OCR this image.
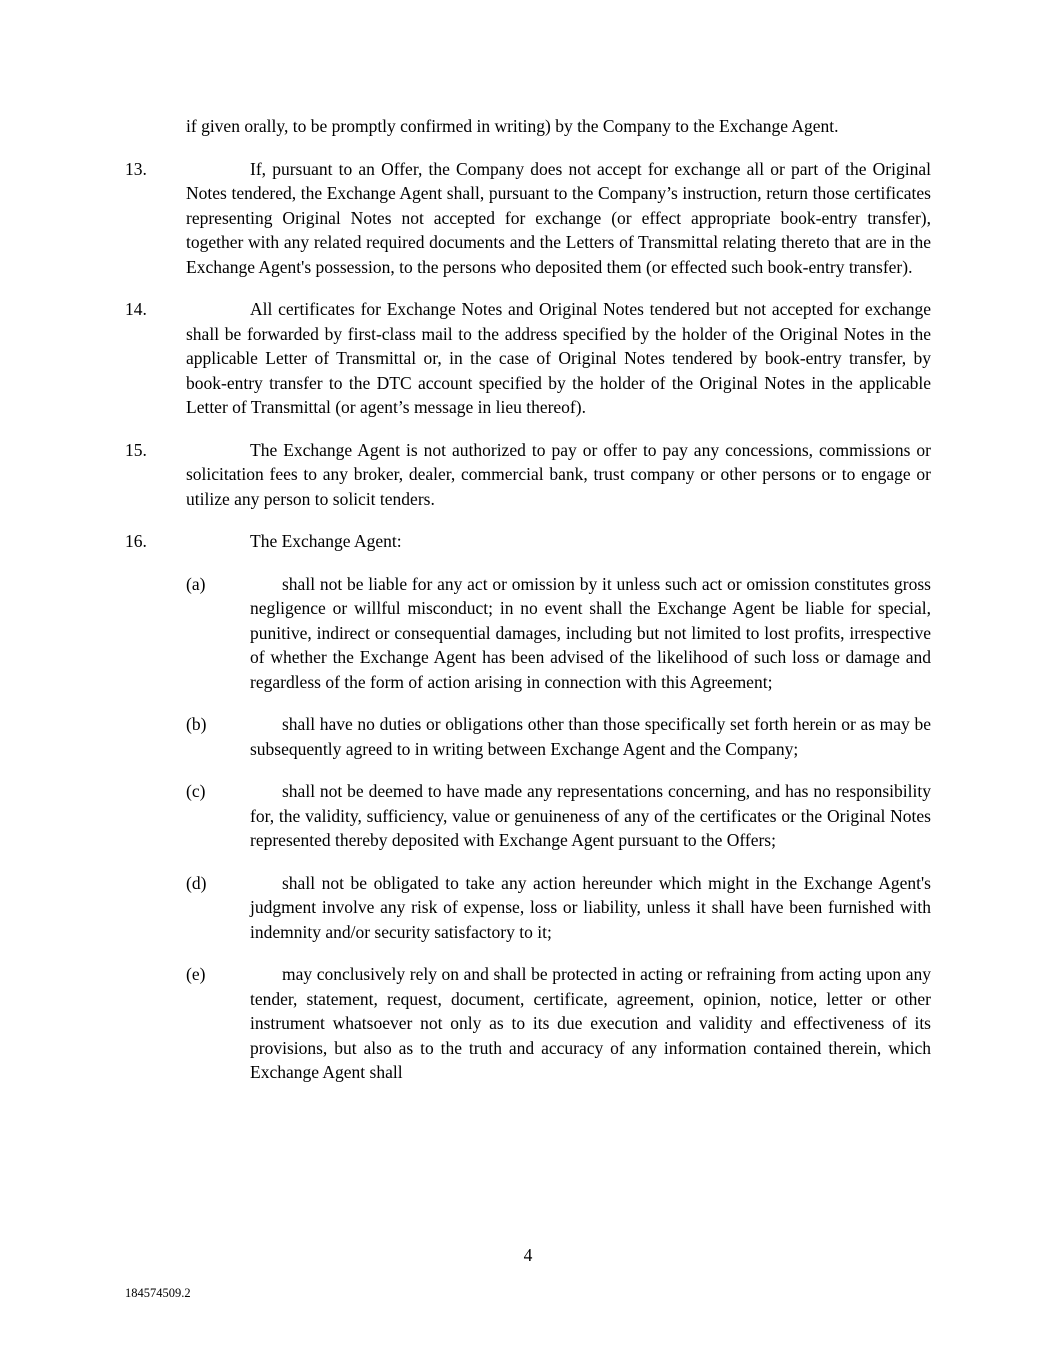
if given orally, to be promptly confirmed in writing) by the Company to the Exchange Agent.

13.	If, pursuant to an Offer, the Company does not accept for exchange all or part of the Original Notes tendered, the Exchange Agent shall, pursuant to the Company’s instruction, return those certificates representing Original Notes not accepted for exchange (or effect appropriate book-entry transfer), together with any related required documents and the Letters of Transmittal relating thereto that are in the Exchange Agent's possession, to the persons who deposited them (or effected such book-entry transfer).

14.	All certificates for Exchange Notes and Original Notes tendered but not accepted for exchange shall be forwarded by first-class mail to the address specified by the holder of the Original Notes in the applicable Letter of Transmittal or, in the case of Original Notes tendered by book-entry transfer, by book-entry transfer to the DTC account specified by the holder of the Original Notes in the applicable Letter of Transmittal (or agent’s message in lieu thereof).

15.	The Exchange Agent is not authorized to pay or offer to pay any concessions, commissions or solicitation fees to any broker, dealer, commercial bank, trust company or other persons or to engage or utilize any person to solicit tenders.

16.	The Exchange Agent:

(a)	shall not be liable for any act or omission by it unless such act or omission constitutes gross negligence or willful misconduct; in no event shall the Exchange Agent be liable for special, punitive, indirect or consequential damages, including but not limited to lost profits, irrespective of whether the Exchange Agent has been advised of the likelihood of such loss or damage and regardless of the form of action arising in connection with this Agreement;

(b)	shall have no duties or obligations other than those specifically set forth herein or as may be subsequently agreed to in writing between Exchange Agent and the Company;

(c)	shall not be deemed to have made any representations concerning, and has no responsibility for, the validity, sufficiency, value or genuineness of any of the certificates or the Original Notes represented thereby deposited with Exchange Agent pursuant to the Offers;

(d)	shall not be obligated to take any action hereunder which might in the Exchange Agent's judgment involve any risk of expense, loss or liability, unless it shall have been furnished with indemnity and/or security satisfactory to it;

(e)	may conclusively rely on and shall be protected in acting or refraining from acting upon any tender, statement, request, document, certificate, agreement, opinion, notice, letter or other instrument whatsoever not only as to its due execution and validity and effectiveness of its provisions, but also as to the truth and accuracy of any information contained therein, which Exchange Agent shall

4
184574509.2
